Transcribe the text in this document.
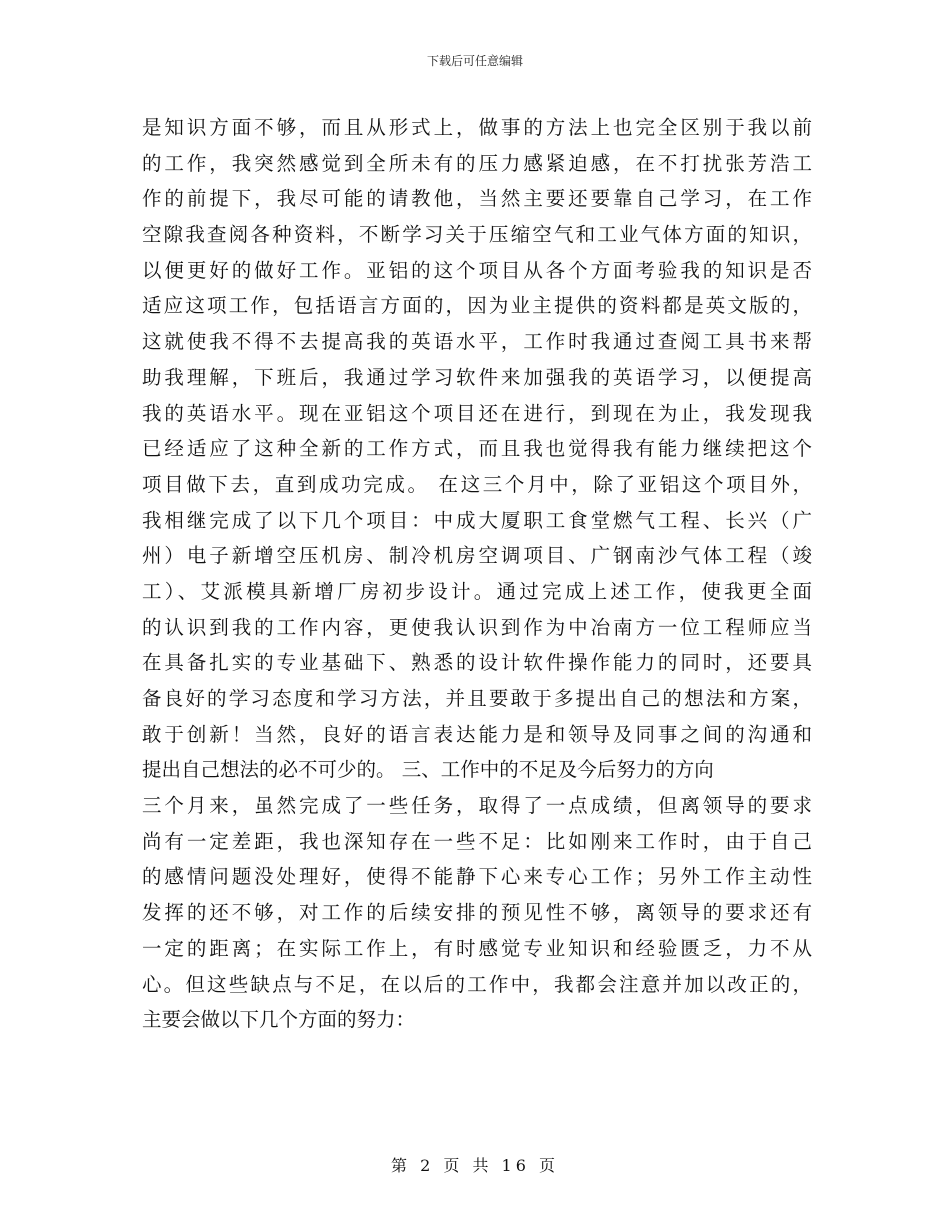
下载后可任意编辑
是知识方面不够，而且从形式上，做事的方法上也完全区别于我以前
的工作，我突然感觉到全所未有的压力感紧迫感，在不打扰张芳浩工
作的前提下，我尽可能的请教他，当然主要还要靠自己学习，在工作
空隙我查阅各种资料，不断学习关于压缩空气和工业气体方面的知识，
以便更好的做好工作。亚铝的这个项目从各个方面考验我的知识是否
适应这项工作，包括语言方面的，因为业主提供的资料都是英文版的，
这就使我不得不去提高我的英语水平，工作时我通过查阅工具书来帮
助我理解，下班后，我通过学习软件来加强我的英语学习，以便提高
我的英语水平。现在亚铝这个项目还在进行，到现在为止，我发现我
已经适应了这种全新的工作方式，而且我也觉得我有能力继续把这个
项目做下去，直到成功完成。 在这三个月中，除了亚铝这个项目外，
我相继完成了以下几个项目：中成大厦职工食堂燃气工程、长兴（广
州）电子新增空压机房、制冷机房空调项目、广钢南沙气体工程（竣
工）、艾派模具新增厂房初步设计。通过完成上述工作，使我更全面
的认识到我的工作内容，更使我认识到作为中冶南方一位工程师应当
在具备扎实的专业基础下、熟悉的设计软件操作能力的同时，还要具
备良好的学习态度和学习方法，并且要敢于多提出自己的想法和方案，
敢于创新！当然，良好的语言表达能力是和领导及同事之间的沟通和
提出自己想法的必不可少的。 三、工作中的不足及今后努力的方向
三个月来，虽然完成了一些任务，取得了一点成绩，但离领导的要求
尚有一定差距，我也深知存在一些不足：比如刚来工作时，由于自己
的感情问题没处理好，使得不能静下心来专心工作；另外工作主动性
发挥的还不够，对工作的后续安排的预见性不够，离领导的要求还有
一定的距离；在实际工作上，有时感觉专业知识和经验匮乏，力不从
心。但这些缺点与不足，在以后的工作中，我都会注意并加以改正的，
主要会做以下几个方面的努力：
第 2 页 共 16 页
